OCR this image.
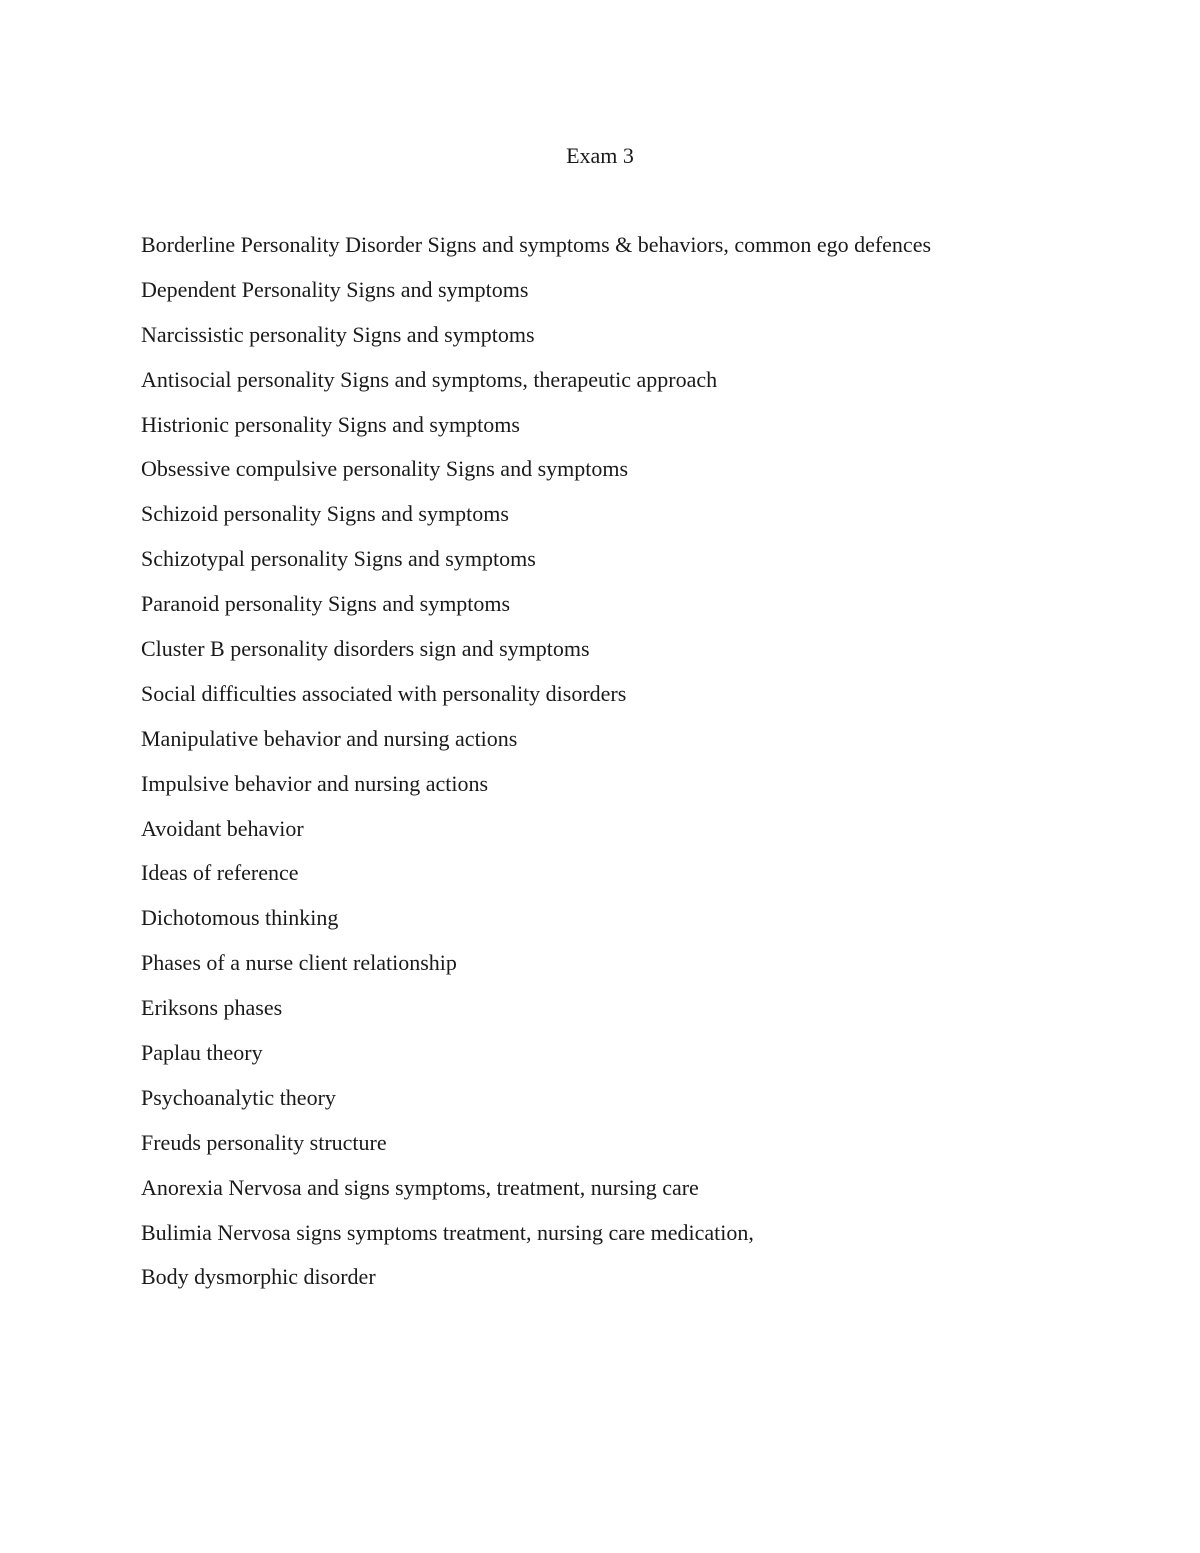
Exam 3
Borderline Personality Disorder Signs and symptoms & behaviors, common ego defences
Dependent Personality Signs and symptoms
Narcissistic personality Signs and symptoms
Antisocial personality Signs and symptoms, therapeutic approach
Histrionic personality Signs and symptoms
Obsessive compulsive personality Signs and symptoms
Schizoid personality Signs and symptoms
Schizotypal personality Signs and symptoms
Paranoid personality Signs and symptoms
Cluster B personality disorders sign and symptoms
Social difficulties associated with personality disorders
Manipulative behavior and nursing actions
Impulsive behavior and nursing actions
Avoidant behavior
Ideas of reference
Dichotomous thinking
Phases of a nurse client relationship
Eriksons phases
Paplau theory
Psychoanalytic theory
Freuds personality structure
Anorexia Nervosa and signs symptoms, treatment, nursing care
Bulimia Nervosa signs symptoms treatment, nursing care medication,
Body dysmorphic disorder
